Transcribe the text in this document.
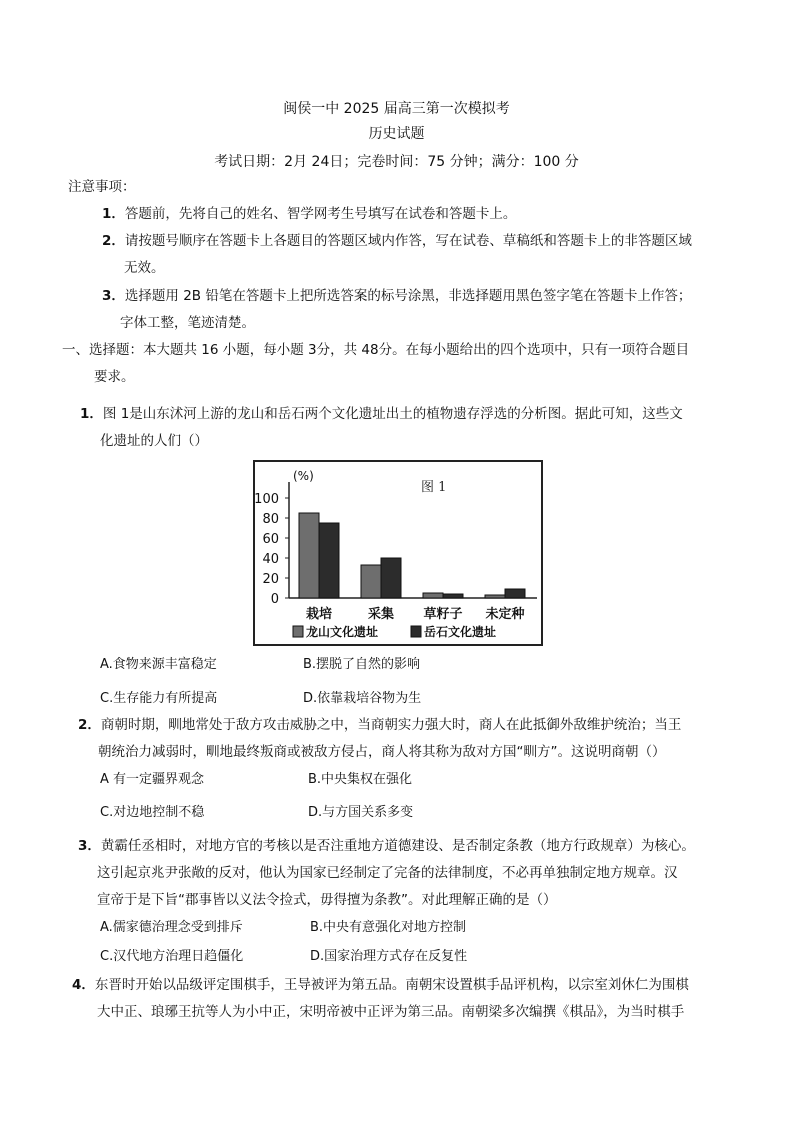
闽侯一中 2025 届高三第一次模拟考
历史试题
考试日期：2月 24日；完卷时间：75 分钟；满分：100 分
注意事项：
1．答题前，先将自己的姓名、智学网考生号填写在试卷和答题卡上。
2．请按题号顺序在答题卡上各题目的答题区域内作答，写在试卷、草稿纸和答题卡上的非答题区域
无效。
3．选择题用 2B 铅笔在答题卡上把所选答案的标号涂黑，非选择题用黑色签字笔在答题卡上作答；
字体工整，笔迹清楚。
一、选择题：本大题共 16 小题，每小题 3分，共 48分。在每小题给出的四个选项中，只有一项符合题目
要求。
1．图 1是山东沭河上游的龙山和岳石两个文化遗址出土的植物遗存浮选的分析图。据此可知，这些文
化遗址的人们（）
0
20
40
60
80
100
(%)
图 1
栽培	采集 草籽子 未定种
龙山文化遗址	岳石文化遗址
A.食物来源丰富稳定	B.摆脱了自然的影响
C.生存能力有所提高	D.依靠栽培谷物为生
2．商朝时期，甽地常处于敌方攻击威胁之中，当商朝实力强大时，商人在此抵御外敌维护统治；当王
朝统治力减弱时，甽地最终叛商或被敌方侵占，商人将其称为敌对方国“甽方”。这说明商朝（）
A 有一定疆界观念	B.中央集权在强化
C.对边地控制不稳	D.与方国关系多变
3．黄霸任丞相时，对地方官的考核以是否注重地方道德建设、是否制定条教（地方行政规章）为核心。
这引起京兆尹张敞的反对，他认为国家已经制定了完备的法律制度，不必再单独制定地方规章。汉
宣帝于是下旨“郡事皆以义法令捡式，毋得擅为条教”。对此理解正确的是（）
A.儒家德治理念受到排斥	B.中央有意强化对地方控制
C.汉代地方治理日趋僵化	D.国家治理方式存在反复性
4．东晋时开始以品级评定围棋手，王导被评为第五品。南朝宋设置棋手品评机构，以宗室刘休仁为围棋
大中正、琅琊王抗等人为小中正，宋明帝被中正评为第三品。南朝梁多次编撰《棋品》，为当时棋手
